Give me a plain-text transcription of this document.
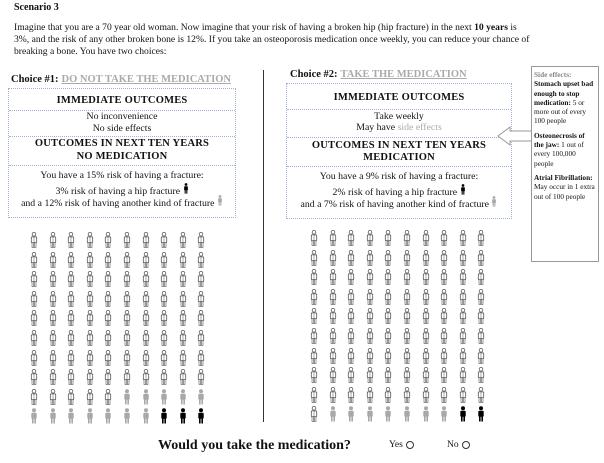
Scenario 3
Imagine that you are a 70 year old woman. Now imagine that your risk of having a broken hip (hip fracture) in the next 10 years is 3%, and the risk of any other broken bone is 12%. If you take an osteoporosis medication once weekly, you can reduce your chance of breaking a bone. You have two choices:
Choice #1: DO NOT TAKE THE MEDICATION
IMMEDIATE OUTCOMES
No inconvenience
No side effects
OUTCOMES IN NEXT TEN YEARS
NO MEDICATION
You have a 15% risk of having a fracture:
3% risk of having a hip fracture
and a 12% risk of having another kind of fracture
Choice #2: TAKE THE MEDICATION
IMMEDIATE OUTCOMES
Take weekly
May have side effects
OUTCOMES IN NEXT TEN YEARS
MEDICATION
You have a 9% risk of having a fracture:
2% risk of having a hip fracture
and a 7% risk of having another kind of fracture

Side effects:
Stomach upset bad enough to stop medication: 5 or more out of every 100 people

Osteonecrosis of the jaw: 1 out of every 100,000 people

Atrial Fibrillation: May occur in 1 extra out of 100 people

Would you take the medication?	Yes	No
